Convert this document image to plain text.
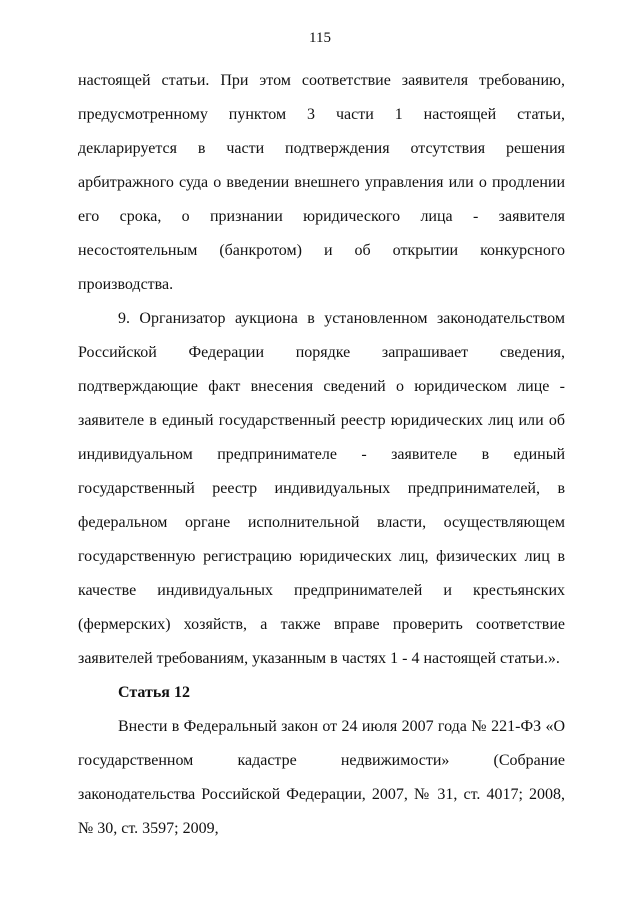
115

настоящей статьи. При этом соответствие заявителя требованию, предусмотренному пунктом 3 части 1 настоящей статьи, декларируется в части подтверждения отсутствия решения арбитражного суда о введении внешнего управления или о продлении его срока, о признании юридического лица - заявителя несостоятельным (банкротом) и об открытии конкурсного производства.

9. Организатор аукциона в установленном законодательством Российской Федерации порядке запрашивает сведения, подтверждающие факт внесения сведений о юридическом лице - заявителе в единый государственный реестр юридических лиц или об индивидуальном предпринимателе - заявителе в единый государственный реестр индивидуальных предпринимателей, в федеральном органе исполнительной власти, осуществляющем государственную регистрацию юридических лиц, физических лиц в качестве индивидуальных предпринимателей и крестьянских (фермерских) хозяйств, а также вправе проверить соответствие заявителей требованиям, указанным в частях 1 - 4 настоящей статьи.».

Статья 12

Внести в Федеральный закон от 24 июля 2007 года № 221-ФЗ «О государственном кадастре недвижимости» (Собрание законодательства Российской Федерации, 2007, № 31, ст. 4017; 2008, № 30, ст. 3597; 2009,
